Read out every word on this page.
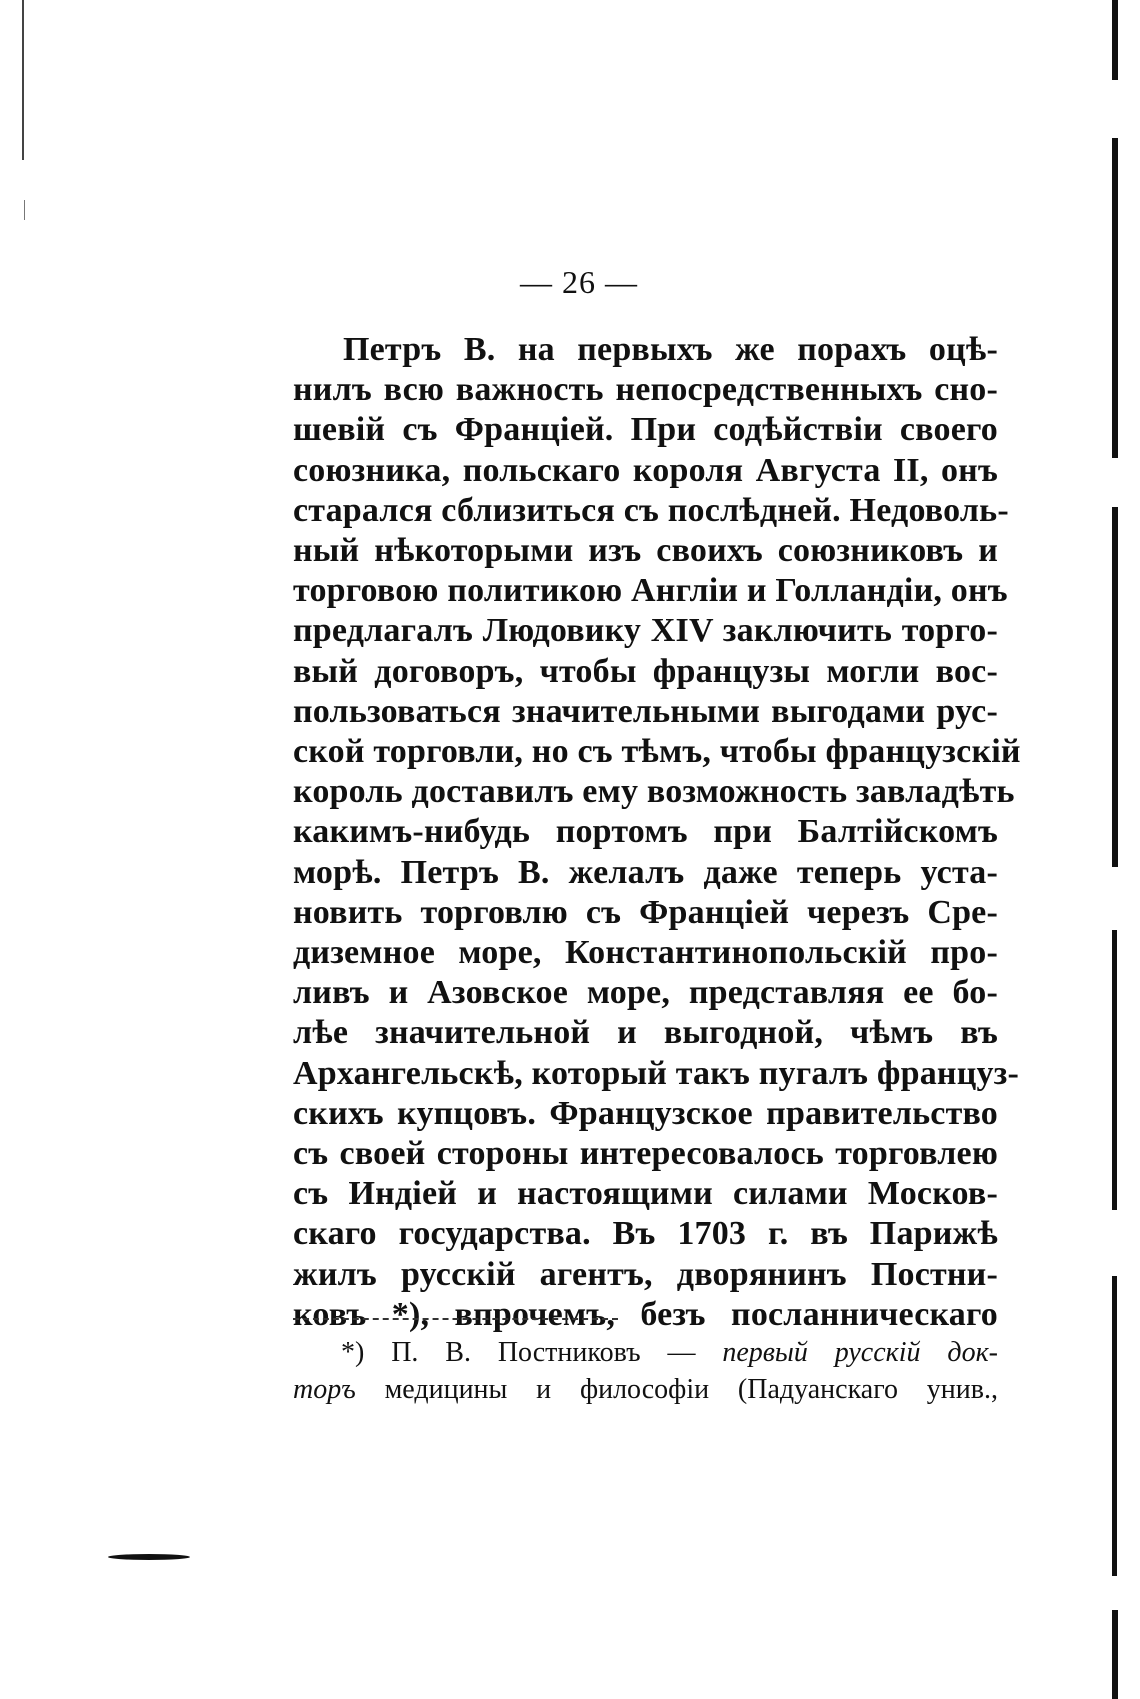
— 26 —
Петръ В. на первыхъ же порахъ оцѣ-
нилъ всю важность непосредственныхъ сно-
шевій съ Франціей. При содѣйствіи своего
союзника, польскаго короля Августа II, онъ
старался сблизиться съ послѣдней. Недоволь-
ный нѣкоторыми изъ своихъ союзниковъ и
торговою политикою Англіи и Голландіи, онъ
предлагалъ Людовику XIV заключить торго-
вый договоръ, чтобы французы могли вос-
пользоваться значительными выгодами рус-
ской торговли, но съ тѣмъ, чтобы французскій
король доставилъ ему возможность завладѣть
какимъ-нибудь портомъ при Балтійскомъ
морѣ. Петръ В. желалъ даже теперь уста-
новить торговлю съ Франціей черезъ Сре-
диземное море, Константинопольскій про-
ливъ и Азовское море, представляя ее бо-
лѣе значительной и выгодной, чѣмъ въ
Архангельскѣ, который такъ пугалъ француз-
скихъ купцовъ. Французское правительство
съ своей стороны интересовалось торговлею
съ Индіей и настоящими силами Москов-
скаго государства. Въ 1703 г. въ Парижѣ
жилъ русскій агентъ, дворянинъ Постни-
ковъ *), впрочемъ, безъ посланническаго
*) П. В. Постниковъ — первый русскій док-
торъ медицины и философіи (Падуанскаго унив.,
